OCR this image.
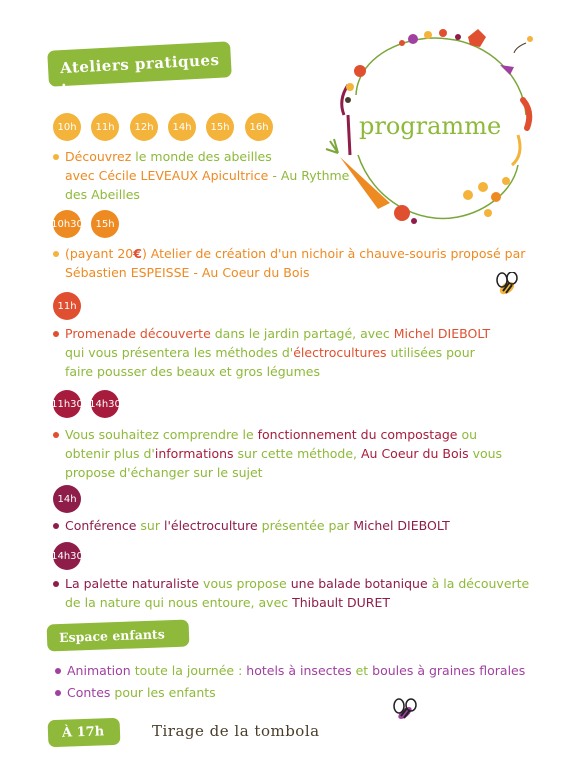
Ateliers pratiques :
programme
10h	11h	12h	14h	15h	16h
Découvrez le monde des abeilles
avec Cécile LEVEAUX Apicultrice - Au Rythme
des Abeilles
10h30	15h
(payant 20€) Atelier de création d'un nichoir à chauve-souris proposé par
Sébastien ESPEISSE - Au Coeur du Bois
11h
Promenade découverte dans le jardin partagé, avec Michel DIEBOLT
qui vous présentera les méthodes d'électrocultures utilisées pour
faire pousser des beaux et gros légumes
11h30 14h30
Vous souhaitez comprendre le fonctionnement du compostage ou
obtenir plus d'informations sur cette méthode, Au Coeur du Bois vous
propose d'échanger sur le sujet
14h
Conférence sur l'électroculture présentée par Michel DIEBOLT
14h30
La palette naturaliste vous propose une balade botanique à la découverte
de la nature qui nous entoure, avec Thibault DURET
Espace enfants
Animation toute la journée : hotels à insectes et boules à graines florales
Contes pour les enfants
À 17h	Tirage de la tombola
